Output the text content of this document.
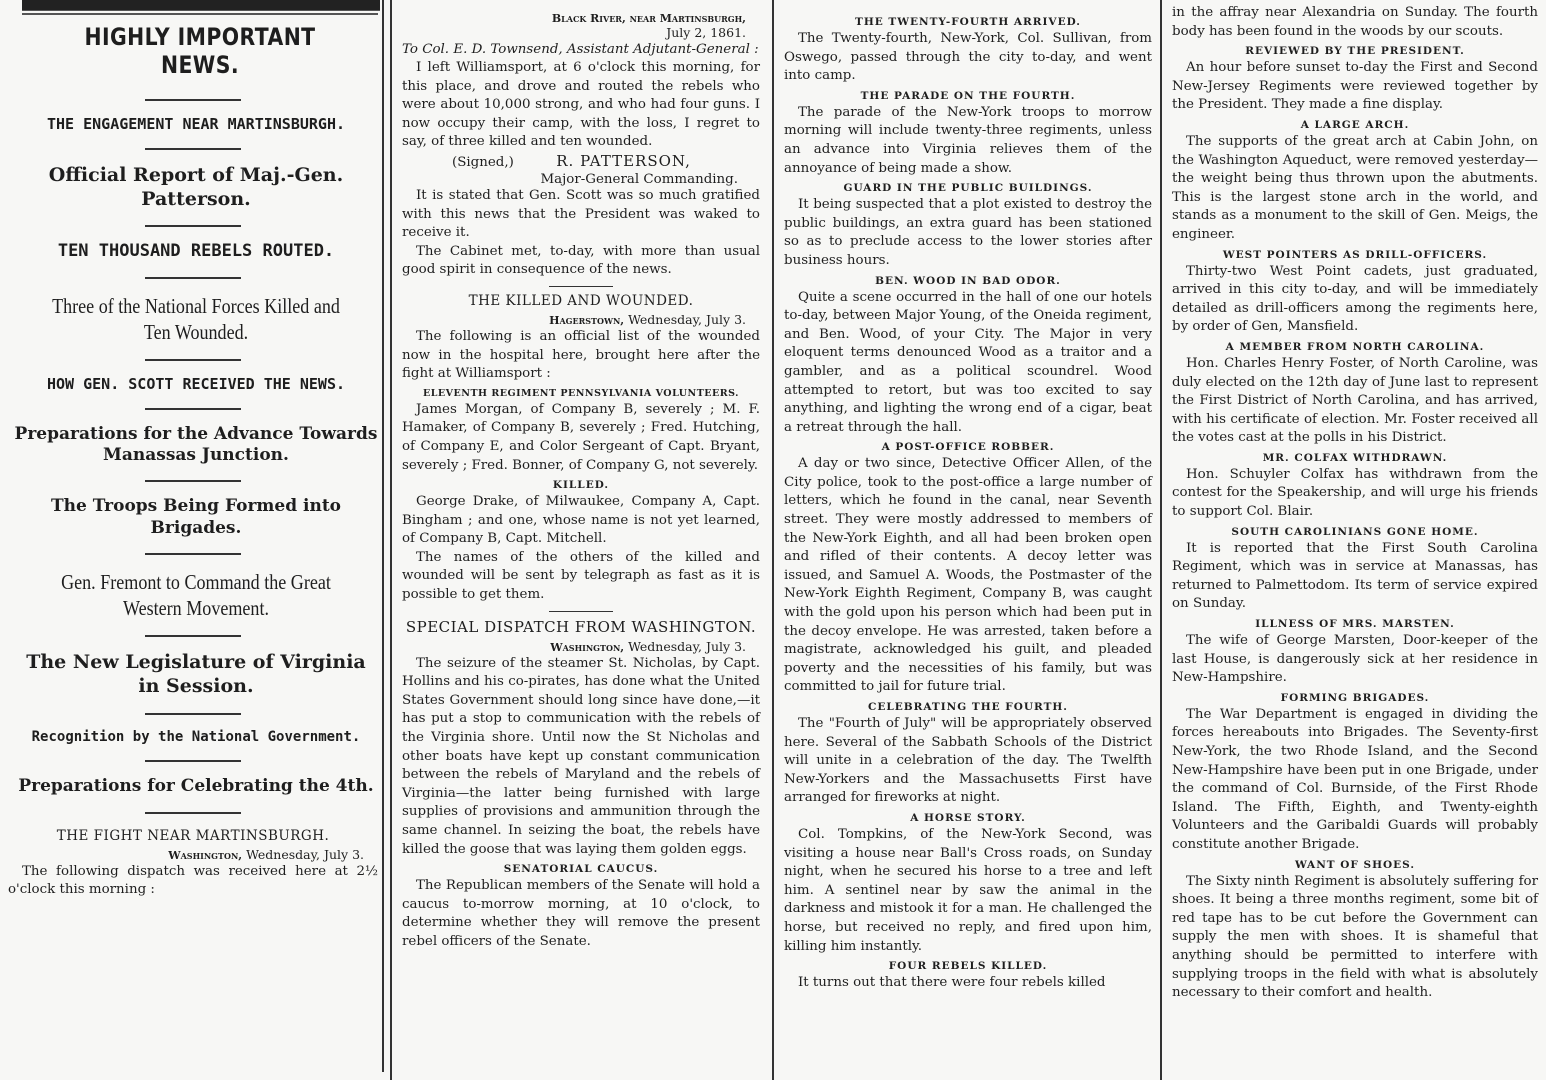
HIGHLY IMPORTANT NEWS.
THE ENGAGEMENT NEAR MARTINSBURGH.
Official Report of Maj.-Gen. Patterson.
TEN THOUSAND REBELS ROUTED.
Three of the National Forces Killed and Ten Wounded.
HOW GEN. SCOTT RECEIVED THE NEWS.
Preparations for the Advance Towards Manassas Junction.
The Troops Being Formed into Brigades.
Gen. Fremont to Command the Great Western Movement.
The New Legislature of Virginia in Session.
Recognition by the National Government.
Preparations for Celebrating the 4th.
THE FIGHT NEAR MARTINSBURGH.
Washington, Wednesday, July 3.

The following dispatch was received here at 2½ o'clock this morning :

Black River, near Martinsburgh,
July 2, 1861.
To Col. E. D. Townsend, Assistant Adjutant-General :

I left Williamsport, at 6 o'clock this morning, for this place, and drove and routed the rebels who were about 10,000 strong, and who had four guns. I now occupy their camp, with the loss, I regret to say, of three killed and ten wounded.

(Signed,)	R. PATTERSON,
Major-General Commanding.

It is stated that Gen. Scott was so much gratified with this news that the President was waked to receive it.

The Cabinet met, to-day, with more than usual good spirit in consequence of the news.

THE KILLED AND WOUNDED.
Hagerstown, Wednesday, July 3.

The following is an official list of the wounded now in the hospital here, brought here after the fight at Williamsport :

ELEVENTH REGIMENT PENNSYLVANIA VOLUNTEERS.

James Morgan, of Company B, severely ; M. F. Hamaker, of Company B, severely ; Fred. Hutching, of Company E, and Color Sergeant of Capt. Bryant, severely ; Fred. Bonner, of Company G, not severely.

KILLED.

George Drake, of Milwaukee, Company A, Capt. Bingham ; and one, whose name is not yet learned, of Company B, Capt. Mitchell.

The names of the others of the killed and wounded will be sent by telegraph as fast as it is possible to get them.

SPECIAL DISPATCH FROM WASHINGTON.
Washington, Wednesday, July 3.

The seizure of the steamer St. Nicholas, by Capt. Hollins and his co-pirates, has done what the United States Government should long since have done,—it has put a stop to communication with the rebels of the Virginia shore. Until now the St Nicholas and other boats have kept up constant communication between the rebels of Maryland and the rebels of Virginia—the latter being furnished with large supplies of provisions and ammunition through the same channel. In seizing the boat, the rebels have killed the goose that was laying them golden eggs.

SENATORIAL CAUCUS.

The Republican members of the Senate will hold a caucus to-morrow morning, at 10 o'clock, to determine whether they will remove the present rebel officers of the Senate.

THE TWENTY-FOURTH ARRIVED.

The Twenty-fourth, New-York, Col. Sullivan, from Oswego, passed through the city to-day, and went into camp.

THE PARADE ON THE FOURTH.

The parade of the New-York troops to morrow morning will include twenty-three regiments, unless an advance into Virginia relieves them of the annoyance of being made a show.

GUARD IN THE PUBLIC BUILDINGS.

It being suspected that a plot existed to destroy the public buildings, an extra guard has been stationed so as to preclude access to the lower stories after business hours.

BEN. WOOD IN BAD ODOR.

Quite a scene occurred in the hall of one our hotels to-day, between Major Young, of the Oneida regiment, and Ben. Wood, of your City. The Major in very eloquent terms denounced Wood as a traitor and a gambler, and as a political scoundrel. Wood attempted to retort, but was too excited to say anything, and lighting the wrong end of a cigar, beat a retreat through the hall.

A POST-OFFICE ROBBER.

A day or two since, Detective Officer Allen, of the City police, took to the post-office a large number of letters, which he found in the canal, near Seventh street. They were mostly addressed to members of the New-York Eighth, and all had been broken open and rifled of their contents. A decoy letter was issued, and Samuel A. Woods, the Postmaster of the New-York Eighth Regiment, Company B, was caught with the gold upon his person which had been put in the decoy envelope. He was arrested, taken before a magistrate, acknowledged his guilt, and pleaded poverty and the necessities of his family, but was committed to jail for future trial.

CELEBRATING THE FOURTH.

The "Fourth of July" will be appropriately observed here. Several of the Sabbath Schools of the District will unite in a celebration of the day. The Twelfth New-Yorkers and the Massachusetts First have arranged for fireworks at night.

A HORSE STORY.

Col. Tompkins, of the New-York Second, was visiting a house near Ball's Cross roads, on Sunday night, when he secured his horse to a tree and left him. A sentinel near by saw the animal in the darkness and mistook it for a man. He challenged the horse, but received no reply, and fired upon him, killing him instantly.

FOUR REBELS KILLED.

It turns out that there were four rebels killed

in the affray near Alexandria on Sunday. The fourth body has been found in the woods by our scouts.

REVIEWED BY THE PRESIDENT.

An hour before sunset to-day the First and Second New-Jersey Regiments were reviewed together by the President. They made a fine display.

A LARGE ARCH.

The supports of the great arch at Cabin John, on the Washington Aqueduct, were removed yesterday—the weight being thus thrown upon the abutments. This is the largest stone arch in the world, and stands as a monument to the skill of Gen. Meigs, the engineer.

WEST POINTERS AS DRILL-OFFICERS.

Thirty-two West Point cadets, just graduated, arrived in this city to-day, and will be immediately detailed as drill-officers among the regiments here, by order of Gen, Mansfield.

A MEMBER FROM NORTH CAROLINA.

Hon. Charles Henry Foster, of North Caroline, was duly elected on the 12th day of June last to represent the First District of North Carolina, and has arrived, with his certificate of election. Mr. Foster received all the votes cast at the polls in his District.

MR. COLFAX WITHDRAWN.

Hon. Schuyler Colfax has withdrawn from the contest for the Speakership, and will urge his friends to support Col. Blair.

SOUTH CAROLINIANS GONE HOME.

It is reported that the First South Carolina Regiment, which was in service at Manassas, has returned to Palmettodom. Its term of service expired on Sunday.

ILLNESS OF MRS. MARSTEN.

The wife of George Marsten, Door-keeper of the last House, is dangerously sick at her residence in New-Hampshire.

FORMING BRIGADES.

The War Department is engaged in dividing the forces hereabouts into Brigades. The Seventy-first New-York, the two Rhode Island, and the Second New-Hampshire have been put in one Brigade, under the command of Col. Burnside, of the First Rhode Island. The Fifth, Eighth, and Twenty-eighth Volunteers and the Garibaldi Guards will probably constitute another Brigade.

WANT OF SHOES.

The Sixty ninth Regiment is absolutely suffering for shoes. It being a three months regiment, some bit of red tape has to be cut before the Government can supply the men with shoes. It is shameful that anything should be permitted to interfere with supplying troops in the field with what is absolutely necessary to their comfort and health.
